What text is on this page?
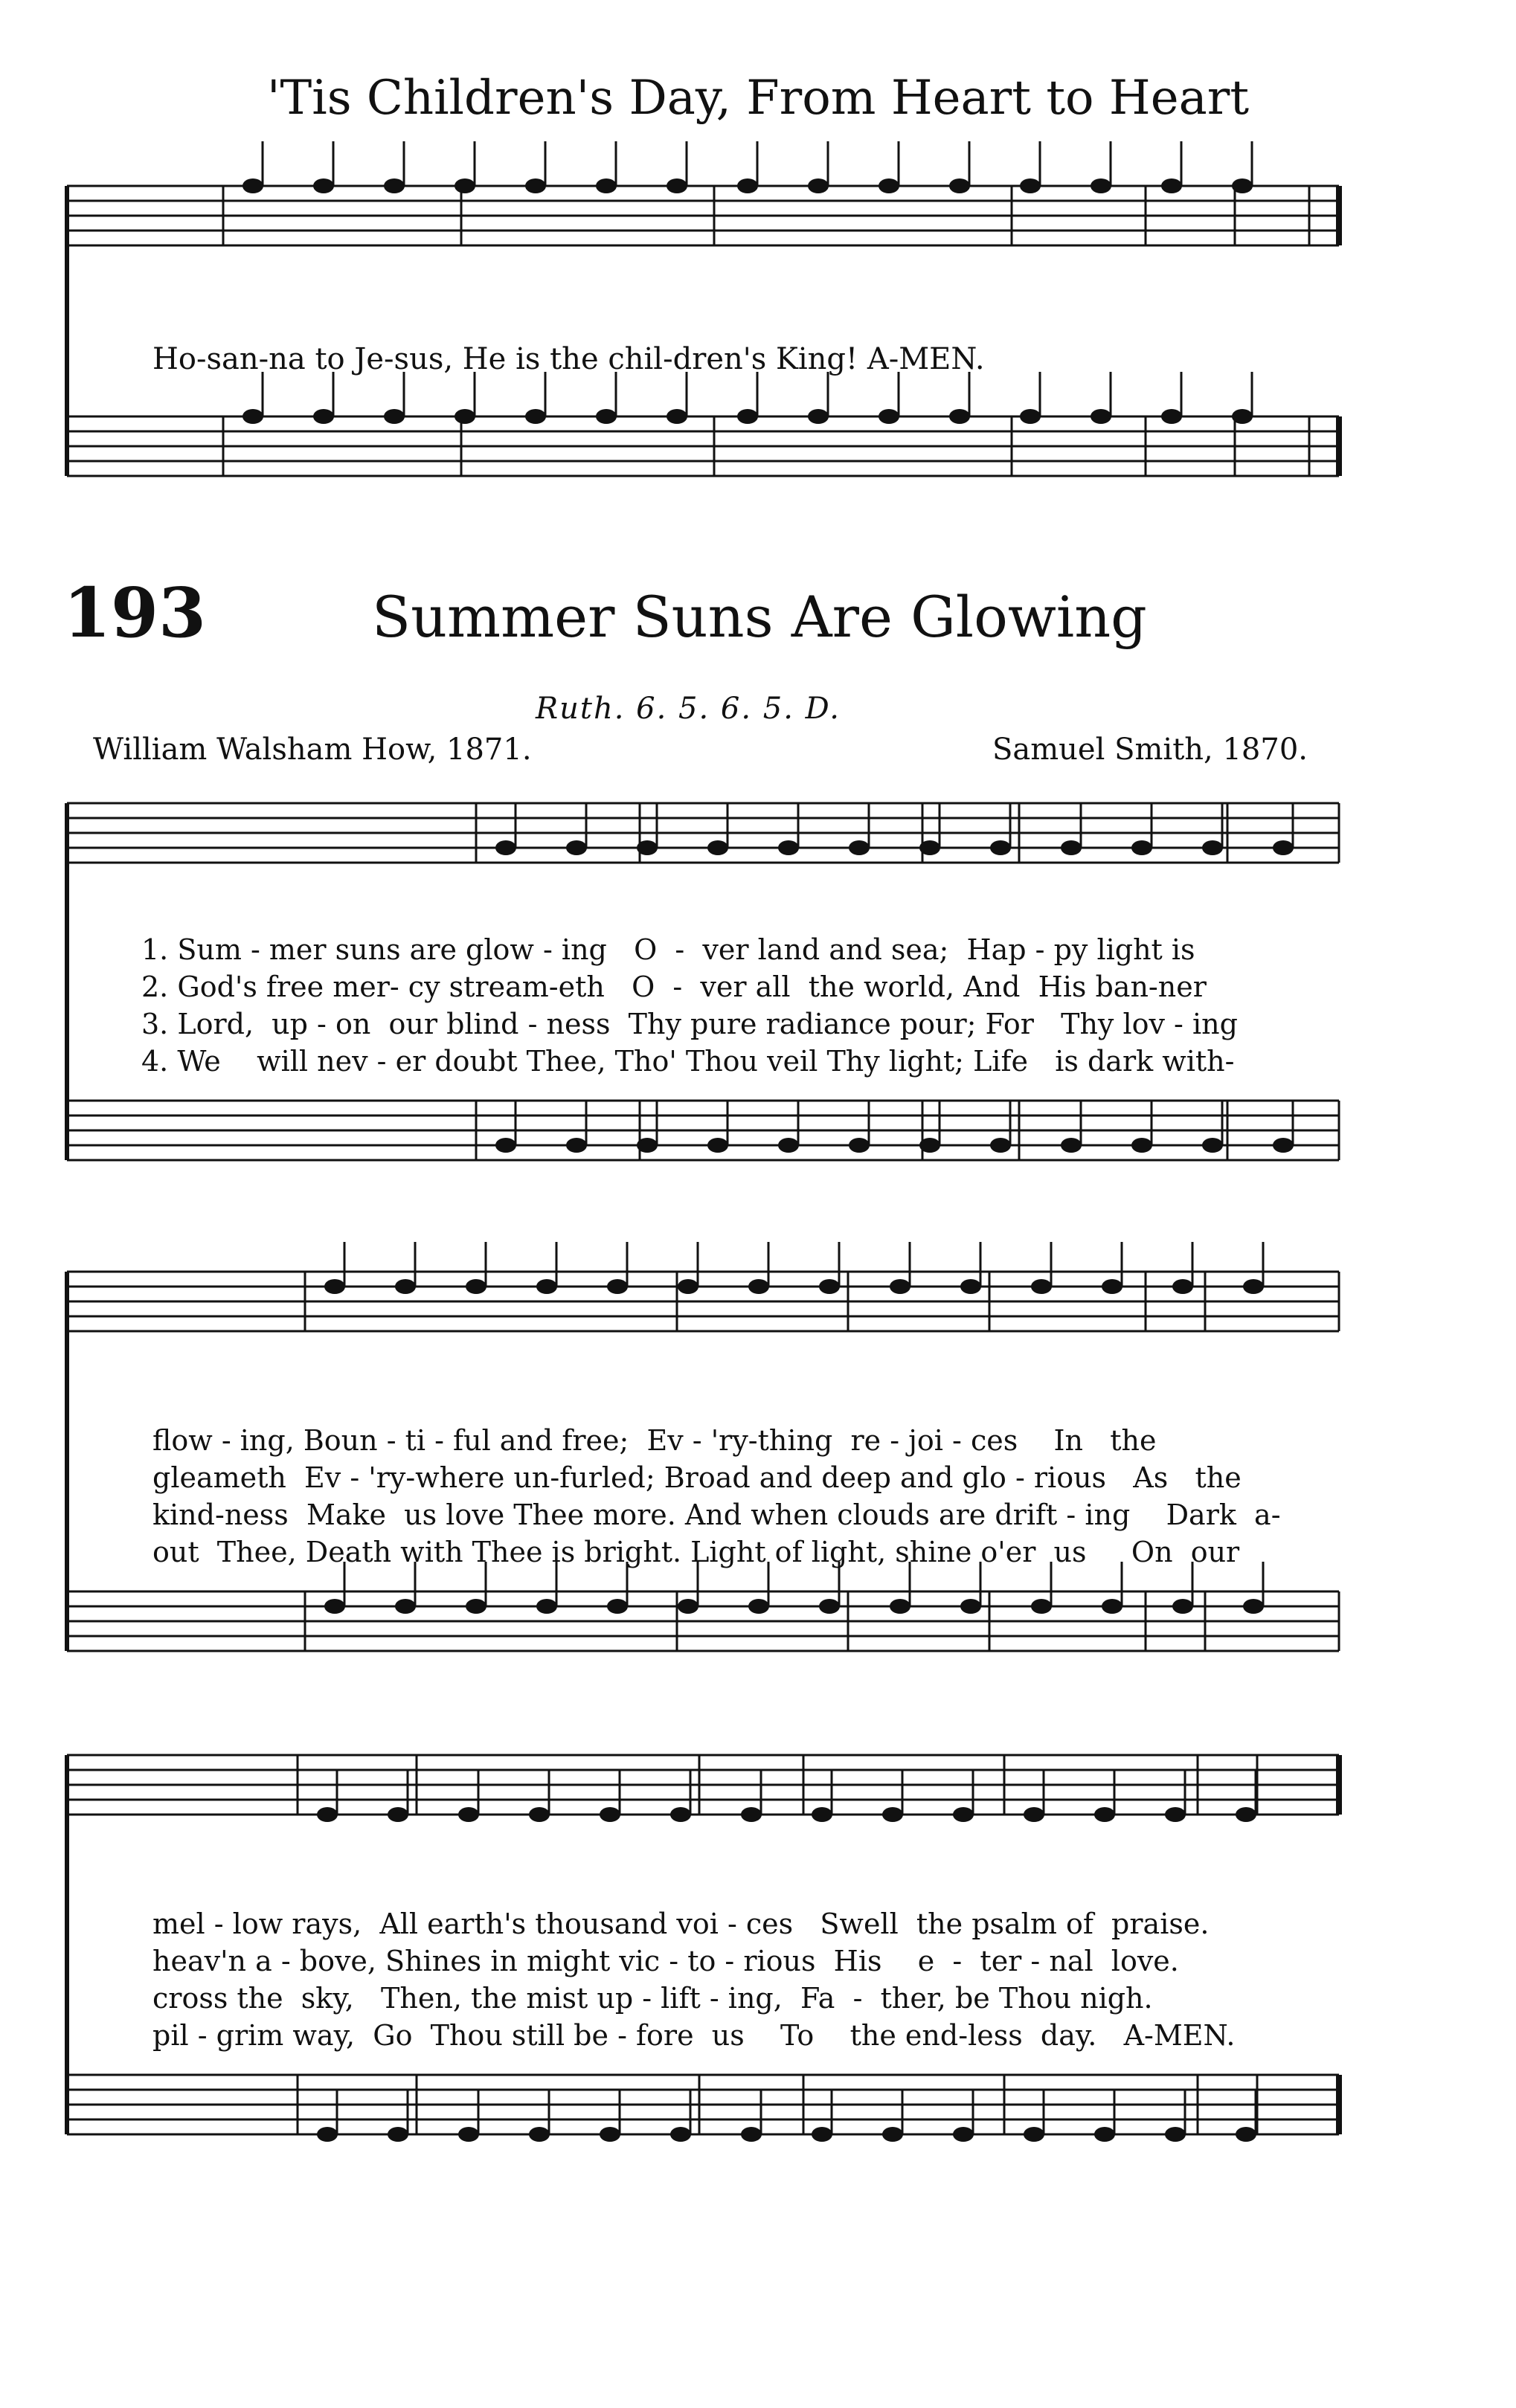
'Tis Children's Day, From Heart to Heart
Ho-san-na to Je-sus, He is the chil-dren's King! A-MEN.
193	Summer Suns Are Glowing
Ruth. 6. 5. 6. 5. D.
William Walsham How, 1871.	Samuel Smith, 1870.
1. Sum - mer suns are glow - ing   O  -  ver land and sea;  Hap - py light is
2. God's free mer- cy stream-eth   O  -  ver all  the world, And  His ban-ner
3. Lord,  up - on  our blind - ness  Thy pure radiance pour; For   Thy lov - ing
4. We    will nev - er doubt Thee, Tho' Thou veil Thy light; Life   is dark with-
flow - ing, Boun - ti - ful and free;  Ev - 'ry-thing  re - joi - ces    In   the
gleameth  Ev - 'ry-where un-furled; Broad and deep and glo - rious   As   the
kind-ness  Make  us love Thee more. And when clouds are drift - ing    Dark  a-
out  Thee, Death with Thee is bright. Light of light, shine o'er  us     On  our
mel - low rays,  All earth's thousand voi - ces   Swell  the psalm of  praise.
heav'n a - bove, Shines in might vic - to - rious  His    e  -  ter - nal  love.
cross the  sky,   Then, the mist up - lift - ing,  Fa  -  ther, be Thou nigh.
pil - grim way,  Go  Thou still be - fore  us    To    the end-less  day.   A-MEN.
